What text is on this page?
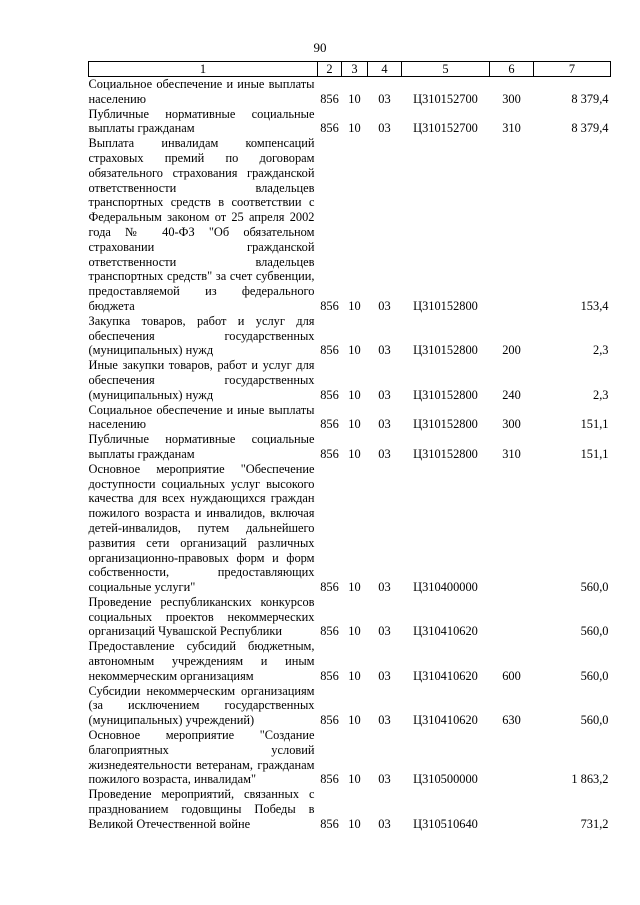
90
1	2	3	4	5	6	7
Социальное обеспечение и иные выплаты населению	856	10	03	Ц310152700	300	8 379,4
Публичные нормативные социальные выплаты гражданам	856	10	03	Ц310152700	310	8 379,4
Выплата инвалидам компенсаций страховых премий по договорам обязательного страхования гражданской ответственности владельцев транспортных средств в соответствии с Федеральным законом от 25 апреля 2002 года № 40-ФЗ "Об обязательном страховании гражданской ответственности владельцев транспортных средств" за счет субвенции, предоставляемой из федерального бюджета	856	10	03	Ц310152800		153,4
Закупка товаров, работ и услуг для обеспечения государственных (муниципальных) нужд	856	10	03	Ц310152800	200	2,3
Иные закупки товаров, работ и услуг для обеспечения государственных (муниципальных) нужд	856	10	03	Ц310152800	240	2,3
Социальное обеспечение и иные выплаты населению	856	10	03	Ц310152800	300	151,1
Публичные нормативные социальные выплаты гражданам	856	10	03	Ц310152800	310	151,1
Основное мероприятие "Обеспечение доступности социальных услуг высокого качества для всех нуждающихся граждан пожилого возраста и инвалидов, включая детей-инвалидов, путем дальнейшего развития сети организаций различных организационно-правовых форм и форм собственности, предоставляющих социальные услуги"	856	10	03	Ц310400000		560,0
Проведение республиканских конкурсов социальных проектов некоммерческих организаций Чувашской Республики	856	10	03	Ц310410620		560,0
Предоставление субсидий бюджетным, автономным учреждениям и иным некоммерческим организациям	856	10	03	Ц310410620	600	560,0
Субсидии некоммерческим организациям (за исключением государственных (муниципальных) учреждений)	856	10	03	Ц310410620	630	560,0
Основное мероприятие "Создание благоприятных условий жизнедеятельности ветеранам, гражданам пожилого возраста, инвалидам"	856	10	03	Ц310500000		1 863,2
Проведение мероприятий, связанных с празднованием годовщины Победы в Великой Отечественной войне	856	10	03	Ц310510640		731,2
